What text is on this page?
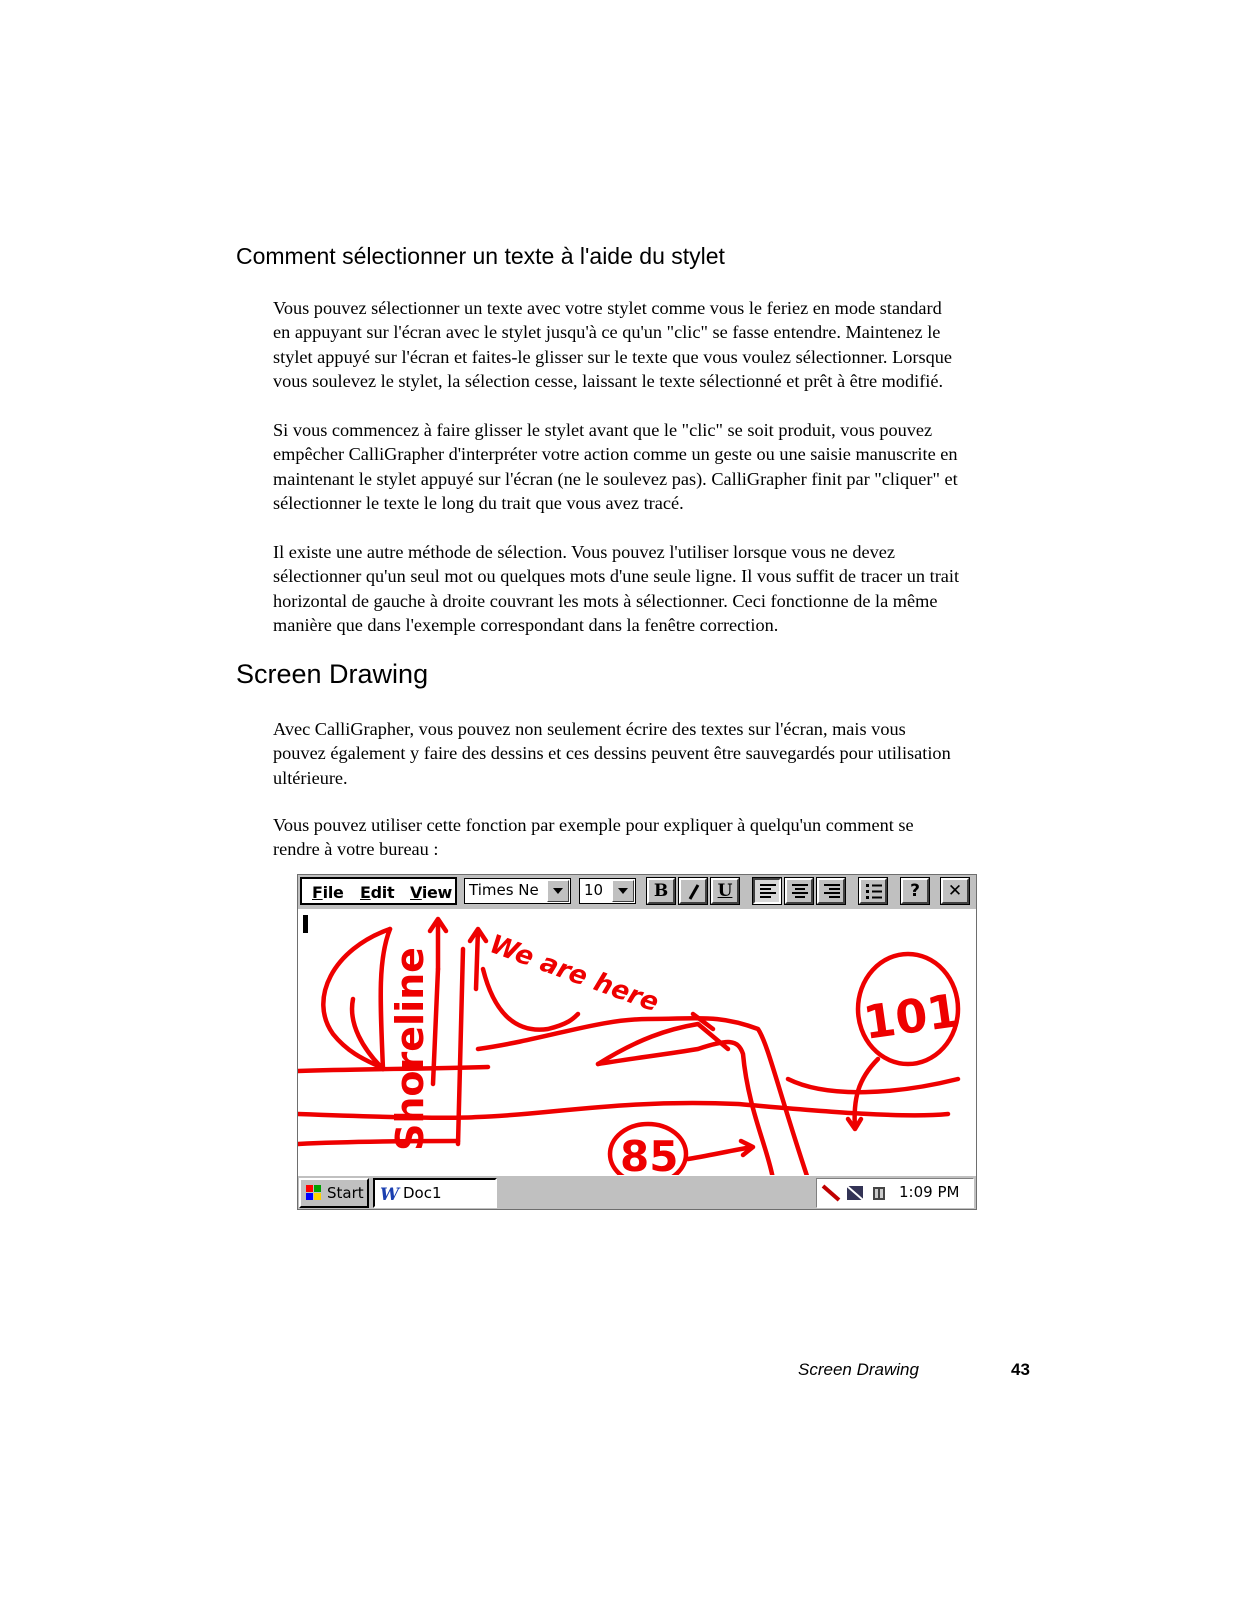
Comment sélectionner un texte à l'aide du stylet
Vous pouvez sélectionner un texte avec votre stylet comme vous le feriez en mode standard
en appuyant sur l'écran avec le stylet jusqu'à ce qu'un "clic" se fasse entendre. Maintenez le
stylet appuyé sur l'écran et faites-le glisser sur le texte que vous voulez sélectionner. Lorsque
vous soulevez le stylet, la sélection cesse, laissant le texte sélectionné et prêt à être modifié.
Si vous commencez à faire glisser le stylet avant que le "clic" se soit produit, vous pouvez
empêcher CalliGrapher d'interpréter votre action comme un geste ou une saisie manuscrite en
maintenant le stylet appuyé sur l'écran (ne le soulevez pas). CalliGrapher finit par "cliquer" et
sélectionner le texte le long du trait que vous avez tracé.
Il existe une autre méthode de sélection. Vous pouvez l'utiliser lorsque vous ne devez
sélectionner qu'un seul mot ou quelques mots d'une seule ligne. Il vous suffit de tracer un trait
horizontal de gauche à droite couvrant les mots à sélectionner. Ceci fonctionne de la même
manière que dans l'exemple correspondant dans la fenêtre correction.
Screen Drawing
Avec CalliGrapher, vous pouvez non seulement écrire des textes sur l'écran, mais vous
pouvez également y faire des dessins et ces dessins peuvent être sauvegardés pour utilisation
ultérieure.
Vous pouvez utiliser cette fonction par exemple pour expliquer à quelqu'un comment se
rendre à votre bureau :
File Edit View Times Ne	10	B	U	?	✕
Shoreline We are here	101
85
Start W Doc1	1:09 PM
Screen Drawing	43
